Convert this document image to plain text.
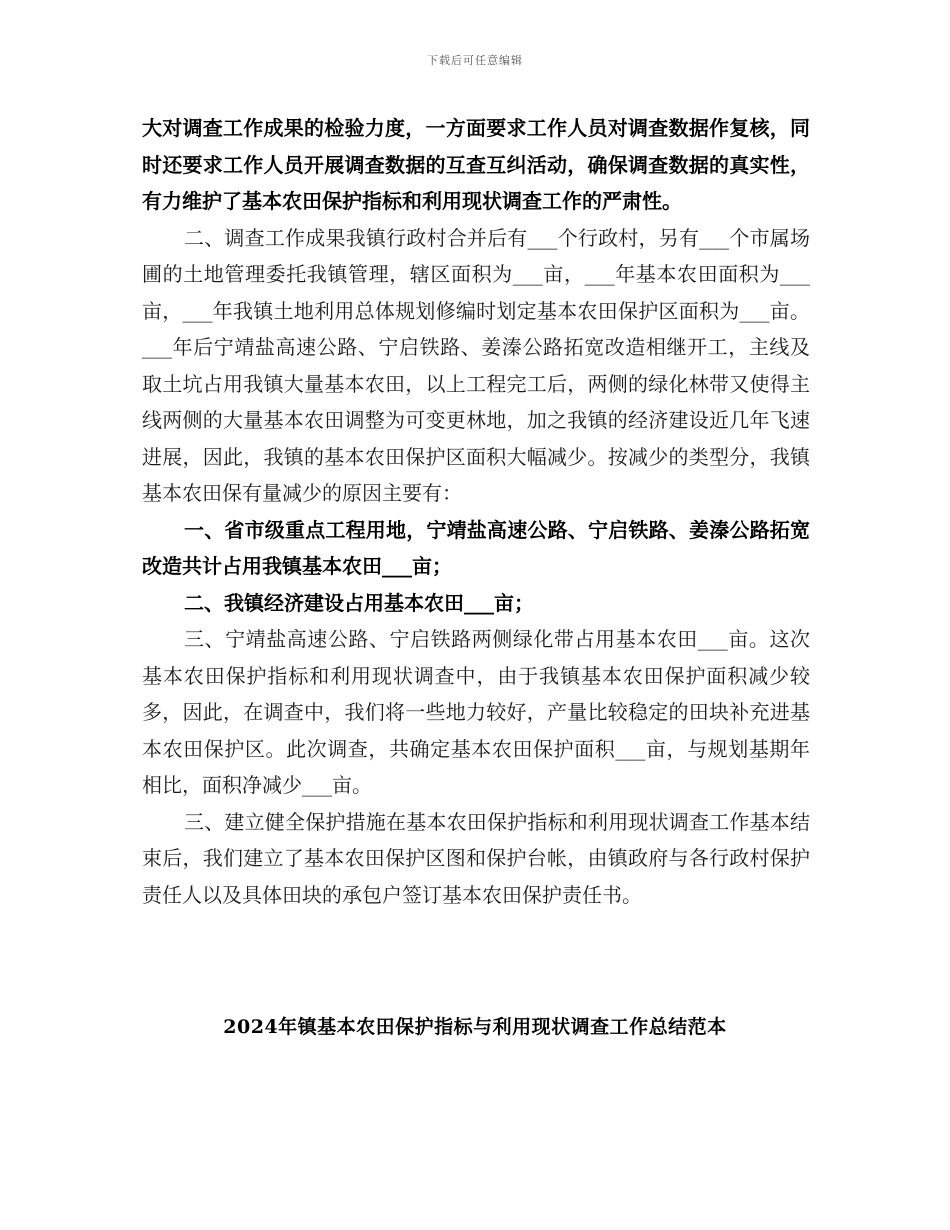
下载后可任意编辑

大对调查工作成果的检验力度，一方面要求工作人员对调查数据作复核，同时还要求工作人员开展调查数据的互查互纠活动，确保调查数据的真实性，有力维护了基本农田保护指标和利用现状调查工作的严肃性。

二、调查工作成果我镇行政村合并后有___个行政村，另有___个市属场圃的土地管理委托我镇管理，辖区面积为___亩，___年基本农田面积为___亩，___年我镇土地利用总体规划修编时划定基本农田保护区面积为___亩。___年后宁靖盐高速公路、宁启铁路、姜溱公路拓宽改造相继开工，主线及取土坑占用我镇大量基本农田，以上工程完工后，两侧的绿化林带又使得主线两侧的大量基本农田调整为可变更林地，加之我镇的经济建设近几年飞速进展，因此，我镇的基本农田保护区面积大幅减少。按减少的类型分，我镇基本农田保有量减少的原因主要有：

一、省市级重点工程用地，宁靖盐高速公路、宁启铁路、姜溱公路拓宽改造共计占用我镇基本农田___亩；

二、我镇经济建设占用基本农田___亩；

三、宁靖盐高速公路、宁启铁路两侧绿化带占用基本农田___亩。这次基本农田保护指标和利用现状调查中，由于我镇基本农田保护面积减少较多，因此，在调查中，我们将一些地力较好，产量比较稳定的田块补充进基本农田保护区。此次调查，共确定基本农田保护面积___亩，与规划基期年相比，面积净减少___亩。

三、建立健全保护措施在基本农田保护指标和利用现状调查工作基本结束后，我们建立了基本农田保护区图和保护台帐，由镇政府与各行政村保护责任人以及具体田块的承包户签订基本农田保护责任书。

2024年镇基本农田保护指标与利用现状调查工作总结范本
